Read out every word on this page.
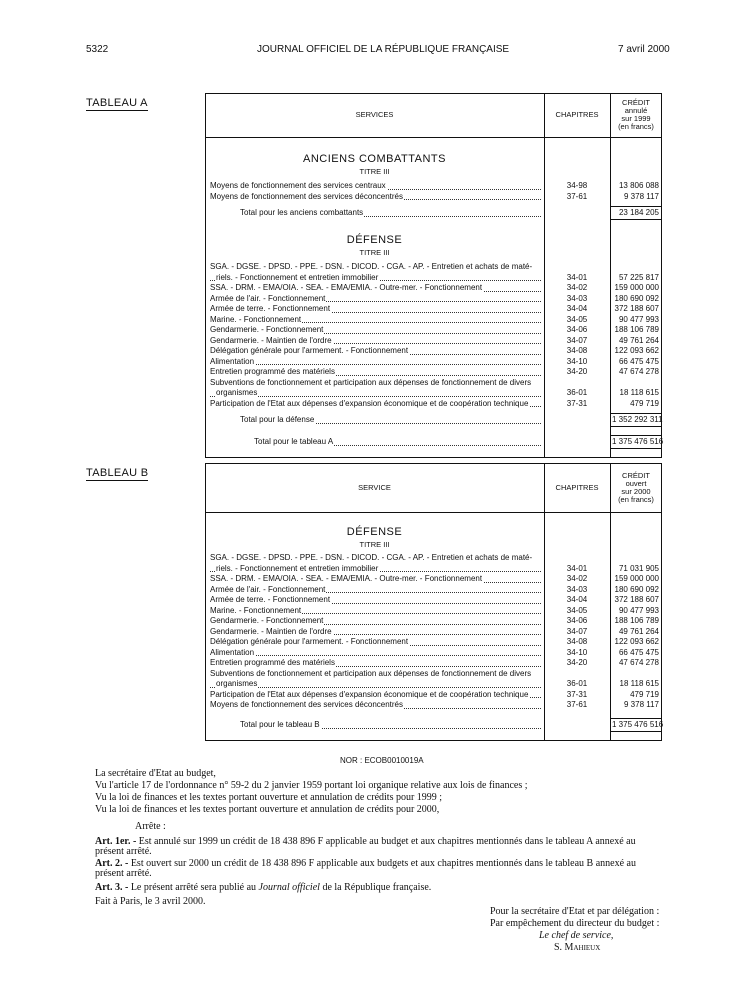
5322	JOURNAL OFFICIEL DE LA RÉPUBLIQUE FRANÇAISE	7 avril 2000
TABLEAU A
SERVICES	CHAPITRES
CRÉDIT
annulé
sur 1999
(en francs)
ANCIENS COMBATTANTS
TITRE III
Moyens de fonctionnement des services centraux	34-98	13 806 088
Moyens de fonctionnement des services déconcentrés	37-61	9 378 117
Total pour les anciens combattants	23 184 205
DÉFENSE
TITRE III
SGA. - DGSE. - DPSD. - PPE. - DSN. - DICOD. - CGA. - AP. - Entretien et achats de maté-
riels. - Fonctionnement et entretien immobilier	34-01	57 225 817
SSA. - DRM. - EMA/OIA. - SEA. - EMA/EMIA. - Outre-mer. - Fonctionnement	34-02	159 000 000
Armée de l'air. - Fonctionnement	34-03	180 690 092
Armée de terre. - Fonctionnement	34-04	372 188 607
Marine. - Fonctionnement	34-05	90 477 993
Gendarmerie. - Fonctionnement	34-06	188 106 789
Gendarmerie. - Maintien de l'ordre	34-07	49 761 264
Délégation générale pour l'armement. - Fonctionnement	34-08	122 093 662
Alimentation	34-10	66 475 475
Entretien programmé des matériels	34-20	47 674 278
Subventions de fonctionnement et participation aux dépenses de fonctionnement de divers
organismes	36-01	18 118 615
Participation de l'Etat aux dépenses d'expansion économique et de coopération technique	37-31	479 719
Total pour la défense	1 352 292 311
Total pour le tableau A	1 375 476 516
TABLEAU B
SERVICE	CHAPITRES
CRÉDIT
ouvert
sur 2000
(en francs)
DÉFENSE
TITRE III
SGA. - DGSE. - DPSD. - PPE. - DSN. - DICOD. - CGA. - AP. - Entretien et achats de maté-
riels. - Fonctionnement et entretien immobilier	34-01	71 031 905
SSA. - DRM. - EMA/OIA. - SEA. - EMA/EMIA. - Outre-mer. - Fonctionnement	34-02	159 000 000
Armée de l'air. - Fonctionnement	34-03	180 690 092
Armée de terre. - Fonctionnement	34-04	372 188 607
Marine. - Fonctionnement	34-05	90 477 993
Gendarmerie. - Fonctionnement	34-06	188 106 789
Gendarmerie. - Maintien de l'ordre	34-07	49 761 264
Délégation générale pour l'armement. - Fonctionnement	34-08	122 093 662
Alimentation	34-10	66 475 475
Entretien programmé des matériels	34-20	47 674 278
Subventions de fonctionnement et participation aux dépenses de fonctionnement de divers
organismes	36-01	18 118 615
Participation de l'Etat aux dépenses d'expansion économique et de coopération technique	37-31	479 719
Moyens de fonctionnement des services déconcentrés	37-61	9 378 117
Total pour le tableau B	1 375 476 516
NOR : ECOB0010019A
La secrétaire d'Etat au budget,
Vu l'article 17 de l'ordonnance n° 59-2 du 2 janvier 1959 portant loi organique relative aux lois de finances ;
Vu la loi de finances et les textes portant ouverture et annulation de crédits pour 1999 ;
Vu la loi de finances et les textes portant ouverture et annulation de crédits pour 2000,
Arrête :
Art. 1er. - Est annulé sur 1999 un crédit de 18 438 896 F applicable au budget et aux chapitres mentionnés dans le tableau A annexé au
présent arrêté.
Art. 2. - Est ouvert sur 2000 un crédit de 18 438 896 F applicable aux budgets et aux chapitres mentionnés dans le tableau B annexé au
présent arrêté.
Art. 3. - Le présent arrêté sera publié au Journal officiel de la République française.
Fait à Paris, le 3 avril 2000.
Pour la secrétaire d'Etat et par délégation :
Par empêchement du directeur du budget :
Le chef de service,
S. Mahieux
